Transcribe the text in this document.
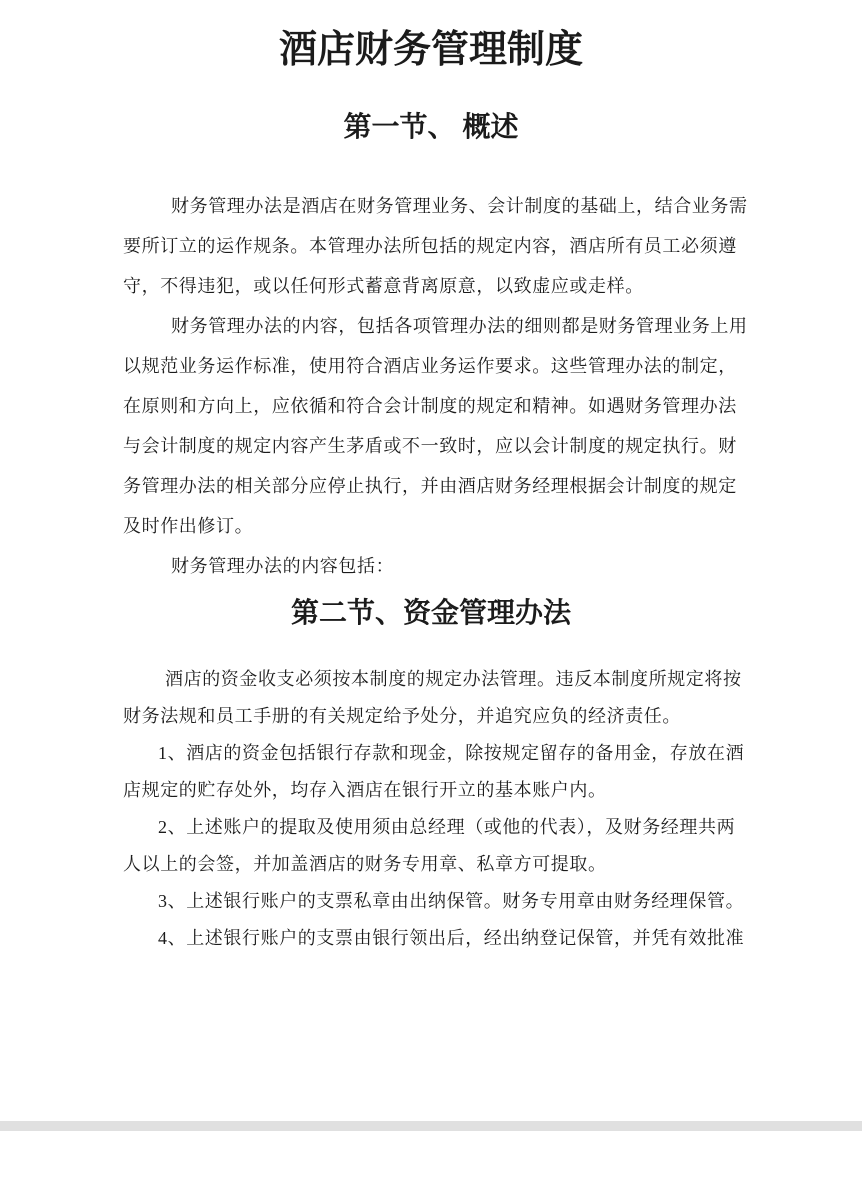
酒店财务管理制度
第一节、 概述
财务管理办法是酒店在财务管理业务、会计制度的基础上，结合业务需
要所订立的运作规条。本管理办法所包括的规定内容，酒店所有员工必须遵
守，不得违犯，或以任何形式蓄意背离原意，以致虚应或走样。
财务管理办法的内容，包括各项管理办法的细则都是财务管理业务上用
以规范业务运作标准，使用符合酒店业务运作要求。这些管理办法的制定，
在原则和方向上，应依循和符合会计制度的规定和精神。如遇财务管理办法
与会计制度的规定内容产生茅盾或不一致时，应以会计制度的规定执行。财
务管理办法的相关部分应停止执行，并由酒店财务经理根据会计制度的规定
及时作出修订。
财务管理办法的内容包括：
第二节、资金管理办法
酒店的资金收支必须按本制度的规定办法管理。违反本制度所规定将按
财务法规和员工手册的有关规定给予处分，并追究应负的经济责任。
1、酒店的资金包括银行存款和现金，除按规定留存的备用金，存放在酒
店规定的贮存处外，均存入酒店在银行开立的基本账户内。
2、上述账户的提取及使用须由总经理（或他的代表），及财务经理共两
人以上的会签，并加盖酒店的财务专用章、私章方可提取。
3、上述银行账户的支票私章由出纳保管。财务专用章由财务经理保管。
4、上述银行账户的支票由银行领出后，经出纳登记保管，并凭有效批准
